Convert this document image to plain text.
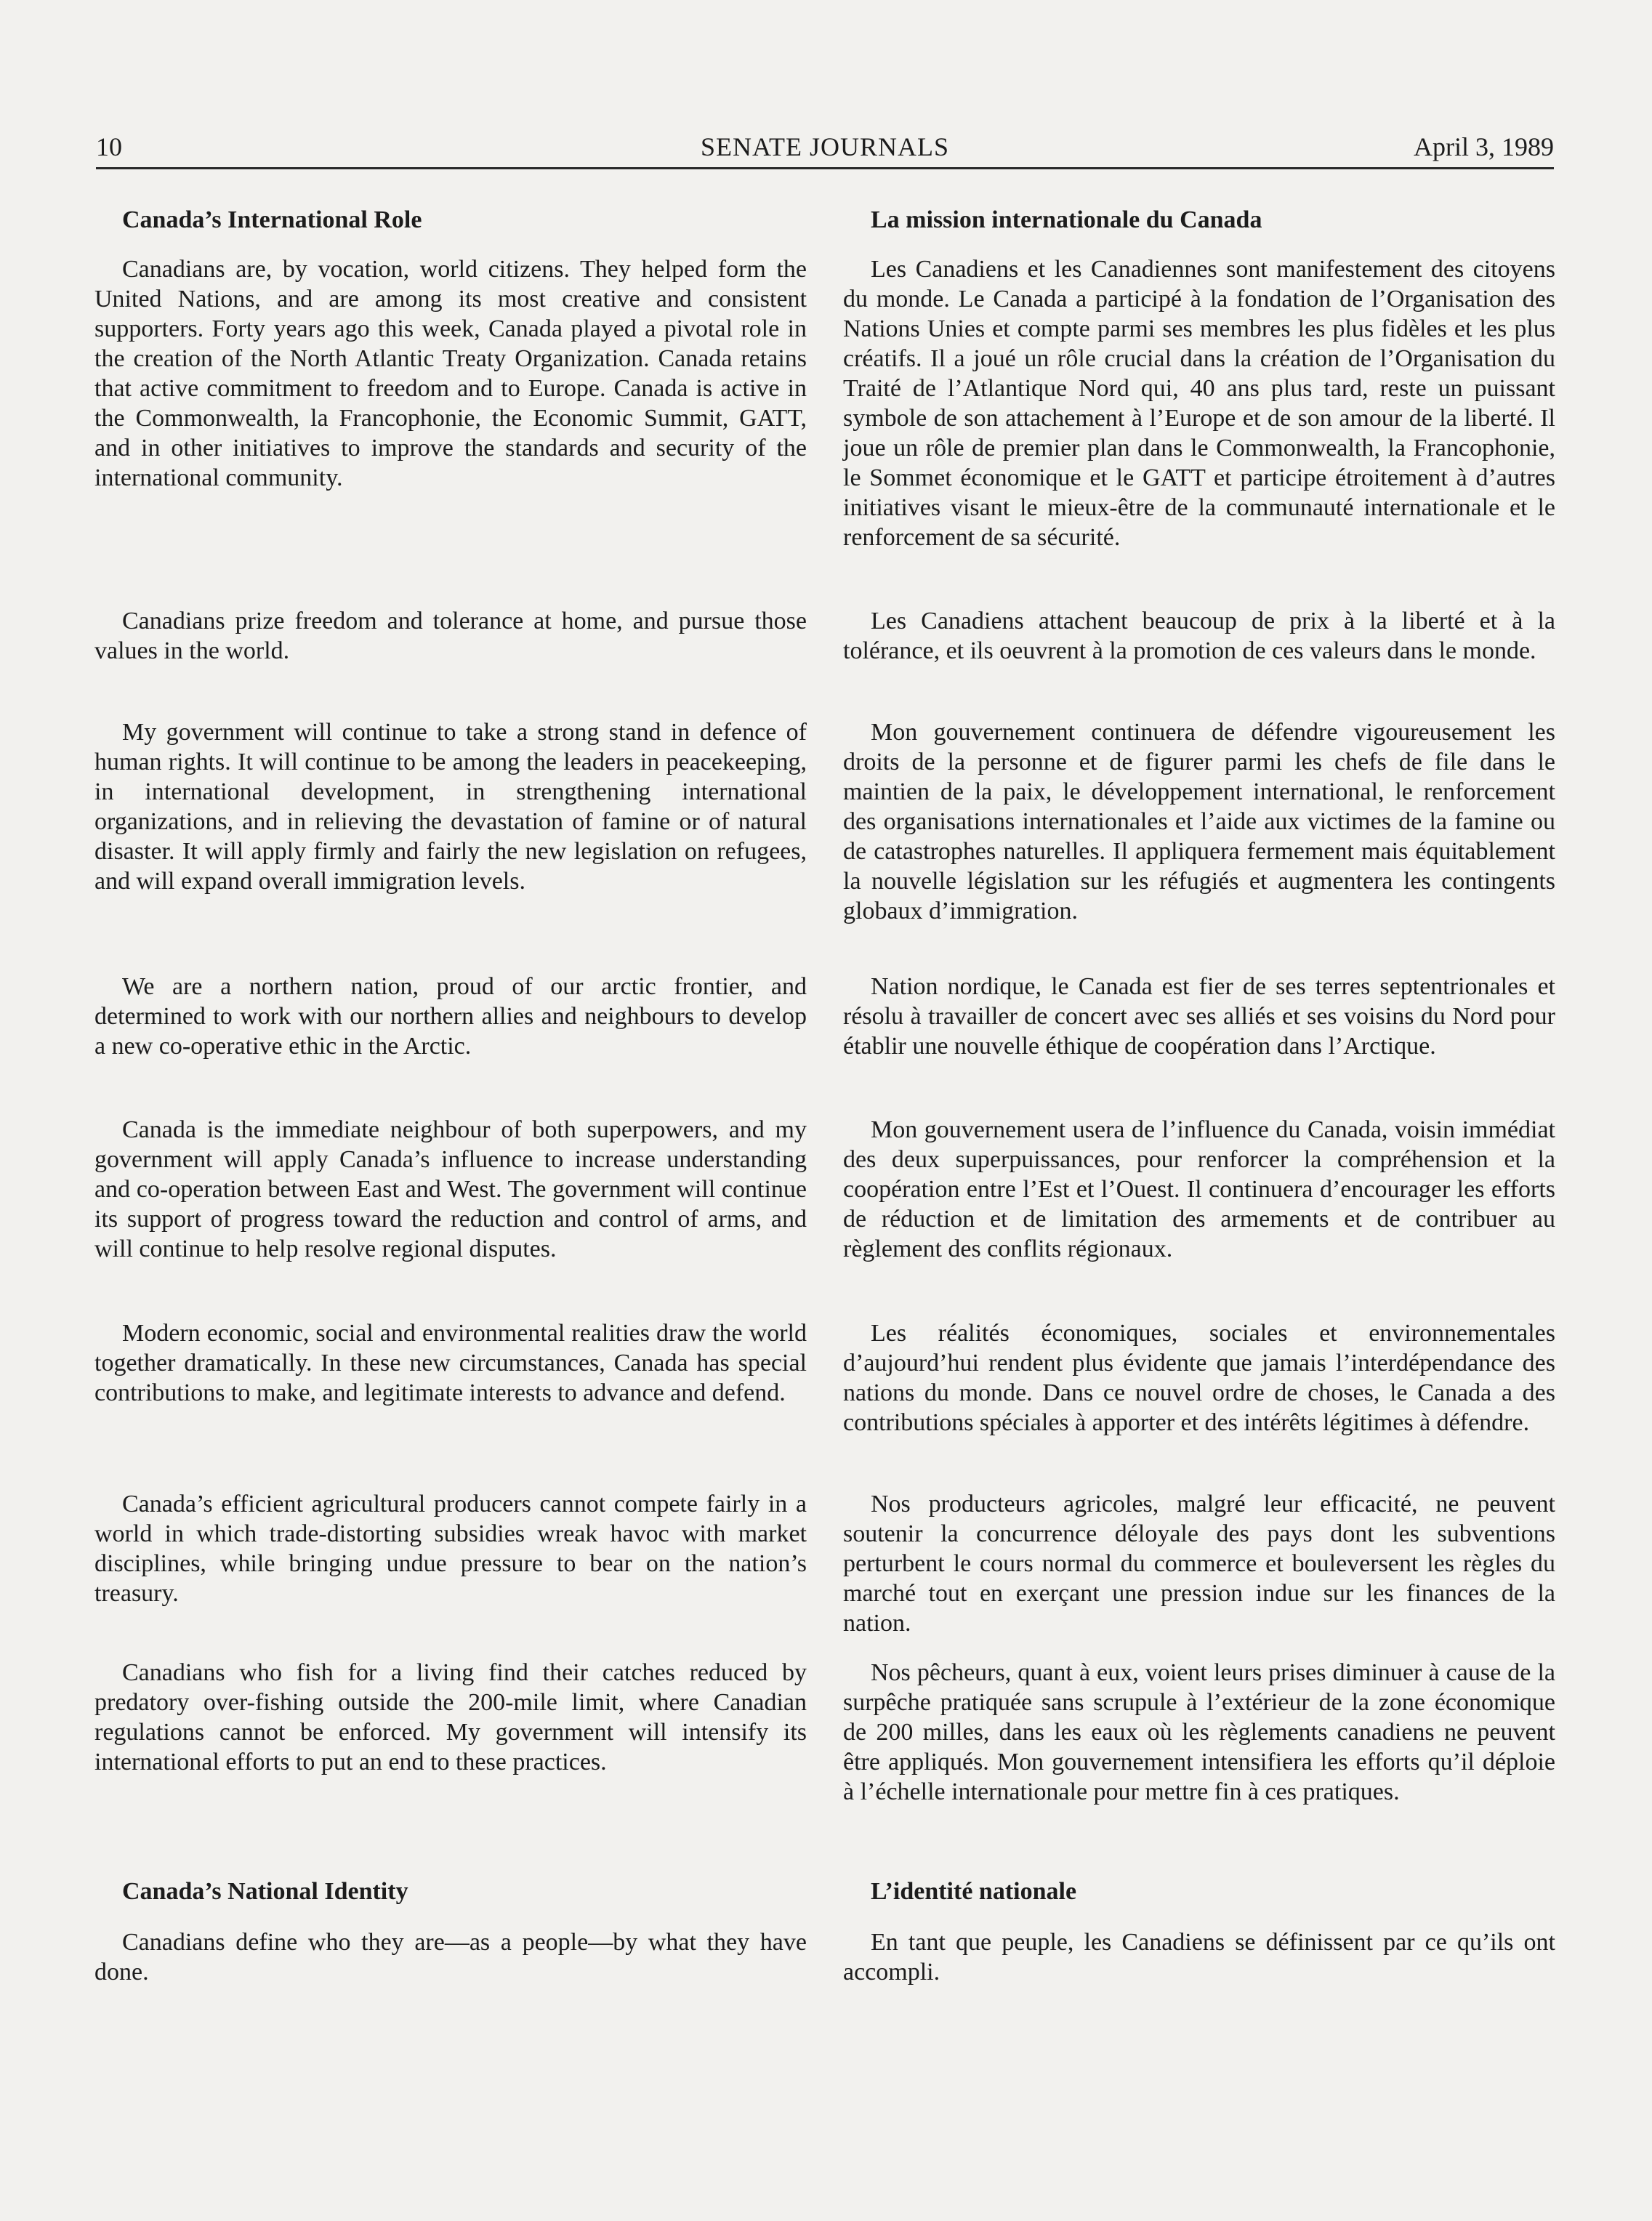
10	SENATE JOURNALS	April 3, 1989
Canada’s International Role

Canadians are, by vocation, world citizens. They helped form the United Nations, and are among its most creative and consistent supporters. Forty years ago this week, Canada played a pivotal role in the creation of the North Atlantic Treaty Organization. Canada retains that active commitment to freedom and to Europe. Canada is active in the Commonwealth, la Francophonie, the Economic Summit, GATT, and in other initiatives to improve the standards and security of the international community.

Canadians prize freedom and tolerance at home, and pursue those values in the world.

My government will continue to take a strong stand in defence of human rights. It will continue to be among the leaders in peacekeeping, in international development, in strengthening international organizations, and in relieving the devastation of famine or of natural disaster. It will apply firmly and fairly the new legislation on refugees, and will expand overall immigration levels.

We are a northern nation, proud of our arctic frontier, and determined to work with our northern allies and neighbours to develop a new co-operative ethic in the Arctic.

Canada is the immediate neighbour of both superpowers, and my government will apply Canada’s influence to increase understanding and co-operation between East and West. The government will continue its support of progress toward the reduction and control of arms, and will continue to help resolve regional disputes.

Modern economic, social and environmental realities draw the world together dramatically. In these new circumstances, Canada has special contributions to make, and legitimate interests to advance and defend.

Canada’s efficient agricultural producers cannot compete fairly in a world in which trade-distorting subsidies wreak havoc with market disciplines, while bringing undue pressure to bear on the nation’s treasury.

Canadians who fish for a living find their catches reduced by predatory over-fishing outside the 200-mile limit, where Canadian regulations cannot be enforced. My government will intensify its international efforts to put an end to these practices.

Canada’s National Identity

Canadians define who they are—as a people—by what they have done.

La mission internationale du Canada

Les Canadiens et les Canadiennes sont manifestement des citoyens du monde. Le Canada a participé à la fondation de l’Organisation des Nations Unies et compte parmi ses membres les plus fidèles et les plus créatifs. Il a joué un rôle crucial dans la création de l’Organisation du Traité de l’Atlantique Nord qui, 40 ans plus tard, reste un puissant symbole de son attachement à l’Europe et de son amour de la liberté. Il joue un rôle de premier plan dans le Commonwealth, la Francophonie, le Sommet économique et le GATT et participe étroitement à d’autres initiatives visant le mieux-être de la communauté internationale et le renforcement de sa sécurité.

Les Canadiens attachent beaucoup de prix à la liberté et à la tolérance, et ils oeuvrent à la promotion de ces valeurs dans le monde.

Mon gouvernement continuera de défendre vigoureusement les droits de la personne et de figurer parmi les chefs de file dans le maintien de la paix, le développement international, le renforcement des organisations internationales et l’aide aux victimes de la famine ou de catastrophes naturelles. Il appliquera fermement mais équitablement la nouvelle législation sur les réfugiés et augmentera les contingents globaux d’immigration.

Nation nordique, le Canada est fier de ses terres septentrionales et résolu à travailler de concert avec ses alliés et ses voisins du Nord pour établir une nouvelle éthique de coopération dans l’Arctique.

Mon gouvernement usera de l’influence du Canada, voisin immédiat des deux superpuissances, pour renforcer la compréhension et la coopération entre l’Est et l’Ouest. Il continuera d’encourager les efforts de réduction et de limitation des armements et de contribuer au règlement des conflits régionaux.

Les réalités économiques, sociales et environnementales d’aujourd’hui rendent plus évidente que jamais l’interdépendance des nations du monde. Dans ce nouvel ordre de choses, le Canada a des contributions spéciales à apporter et des intérêts légitimes à défendre.

Nos producteurs agricoles, malgré leur efficacité, ne peuvent soutenir la concurrence déloyale des pays dont les subventions perturbent le cours normal du commerce et bouleversent les règles du marché tout en exerçant une pression indue sur les finances de la nation.

Nos pêcheurs, quant à eux, voient leurs prises diminuer à cause de la surpêche pratiquée sans scrupule à l’extérieur de la zone économique de 200 milles, dans les eaux où les règlements canadiens ne peuvent être appliqués. Mon gouvernement intensifiera les efforts qu’il déploie à l’échelle internationale pour mettre fin à ces pratiques.

L’identité nationale

En tant que peuple, les Canadiens se définissent par ce qu’ils ont accompli.
